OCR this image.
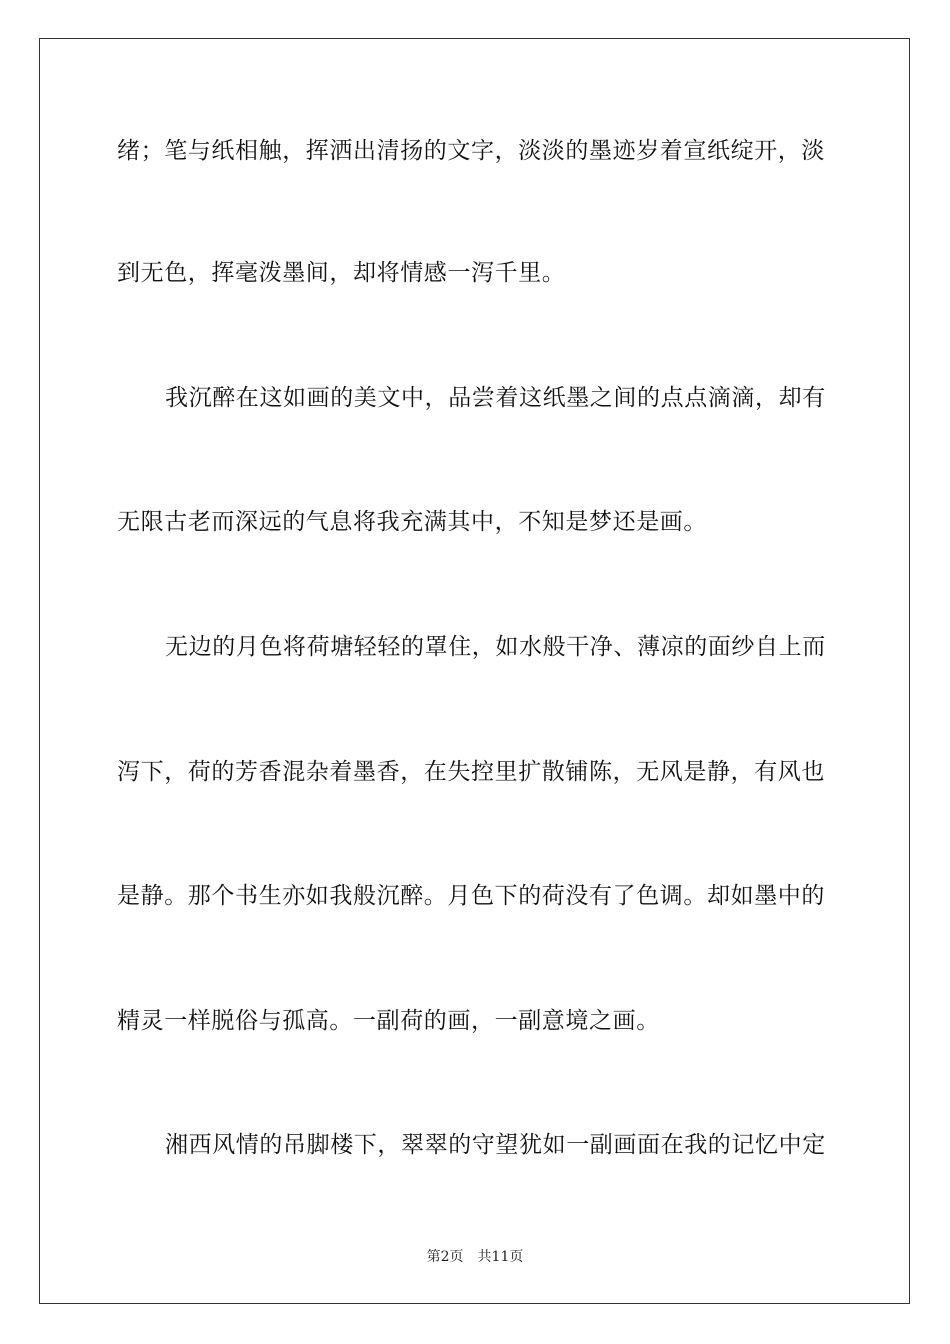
绪；笔与纸相触，挥洒出清扬的文字，淡淡的墨迹岁着宣纸绽开，淡
到无色，挥毫泼墨间，却将情感一泻千里。
我沉醉在这如画的美文中，品尝着这纸墨之间的点点滴滴，却有
无限古老而深远的气息将我充满其中，不知是梦还是画。
无边的月色将荷塘轻轻的罩住，如水般干净、薄凉的面纱自上而
泻下，荷的芳香混杂着墨香，在失控里扩散铺陈，无风是静，有风也
是静。那个书生亦如我般沉醉。月色下的荷没有了色调。却如墨中的
精灵一样脱俗与孤高。一副荷的画，一副意境之画。
湘西风情的吊脚楼下，翠翠的守望犹如一副画面在我的记忆中定
第2页 共11页
